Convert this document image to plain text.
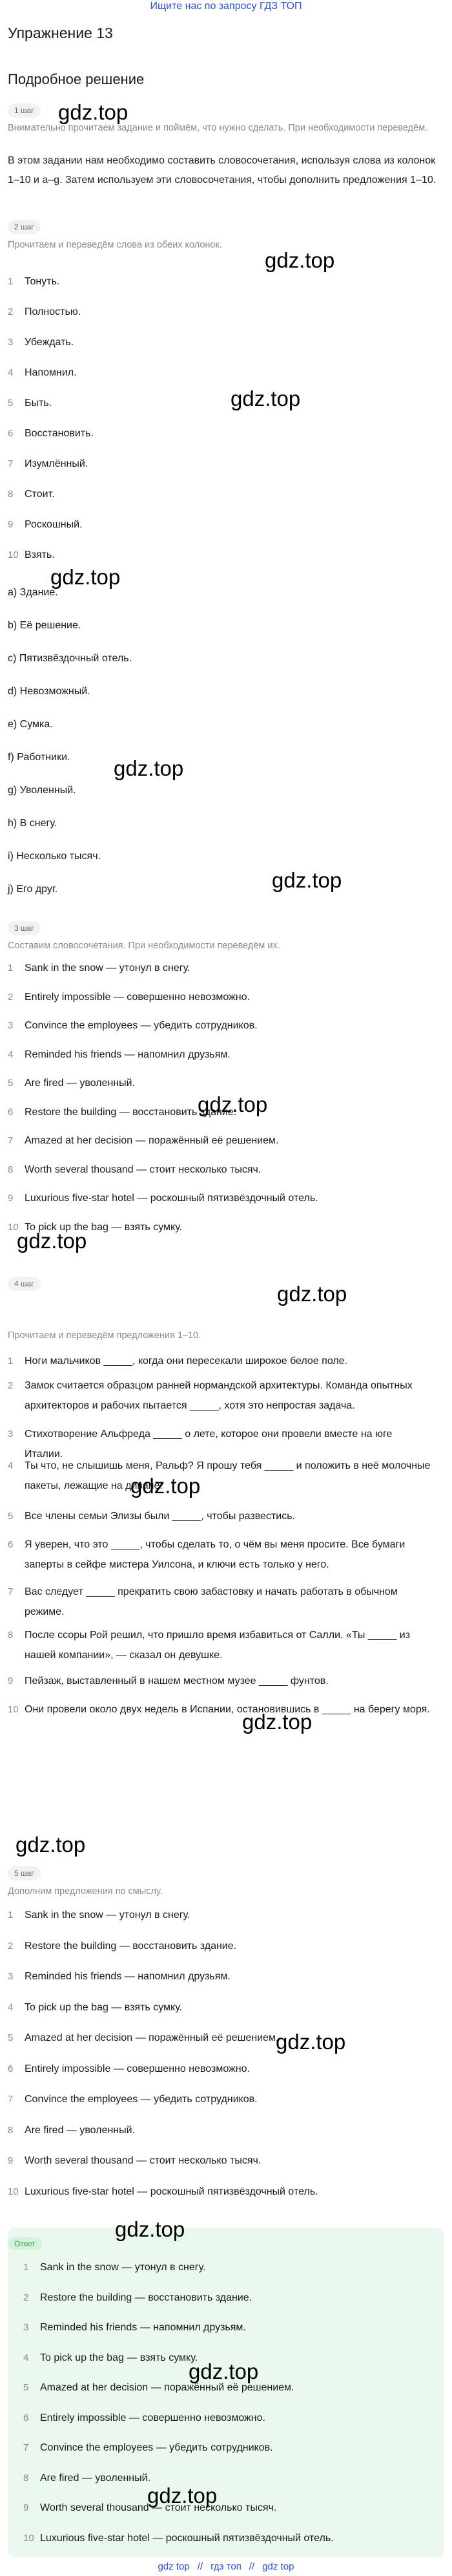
Ищите нас по запросу ГДЗ ТОП
Упражнение 13
Подробное решение
1 шаг
Внимательно прочитаем задание и поймём, что нужно сделать. При необходимости переведём.
В этом задании нам необходимо составить словосочетания, используя слова из колонок 1–10 и a–g. Затем используем эти словосочетания, чтобы дополнить предложения 1–10.
2 шаг
Прочитаем и переведём слова из обеих колонок.
1 Тонуть.
2 Полностью.
3 Убеждать.
4 Напомнил.
5 Быть.
6 Восстановить.
7 Изумлённый.
8 Стоит.
9 Роскошный.
10 Взять.
a) Здание.
b) Её решение.
c) Пятизвёздочный отель.
d) Невозможный.
e) Сумка.
f) Работники.
g) Уволенный.
h) В снегу.
i) Несколько тысяч.
j) Его друг.
3 шаг
Составим словосочетания. При необходимости переведём их.
1 Sank in the snow — утонул в снегу.
2 Entirely impossible — совершенно невозможно.
3 Convince the employees — убедить сотрудников.
4 Reminded his friends — напомнил друзьям.
5 Are fired — уволенный.
6 Restore the building — восстановить здание.
7 Amazed at her decision — поражённый её решением.
8 Worth several thousand — стоит несколько тысяч.
9 Luxurious five-star hotel — роскошный пятизвёздочный отель.
10 To pick up the bag — взять сумку.
4 шаг
Прочитаем и переведём предложения 1–10.
1 Ноги мальчиков _____, когда они пересекали широкое белое поле.
2 Замок считается образцом ранней нормандской архитектуры. Команда опытных архитекторов и рабочих пытается _____, хотя это непростая задача.
3 Стихотворение Альфреда _____ о лете, которое они провели вместе на юге Италии.
4 Ты что, не слышишь меня, Ральф? Я прошу тебя _____ и положить в неё молочные пакеты, лежащие на диване.
5 Все члены семьи Элизы были _____, чтобы развестись.
6 Я уверен, что это _____, чтобы сделать то, о чём вы меня просите. Все бумаги заперты в сейфе мистера Уилсона, и ключи есть только у него.
7 Вас следует _____ прекратить свою забастовку и начать работать в обычном режиме.
8 После ссоры Рой решил, что пришло время избавиться от Салли. «Ты _____ из нашей компании», — сказал он девушке.
9 Пейзаж, выставленный в нашем местном музее _____ фунтов.
10 Они провели около двух недель в Испании, остановившись в _____ на берегу моря.
5 шаг
Дополним предложения по смыслу.
1 Sank in the snow — утонул в снегу.
2 Restore the building — восстановить здание.
3 Reminded his friends — напомнил друзьям.
4 To pick up the bag — взять сумку.
5 Amazed at her decision — поражённый её решением.
6 Entirely impossible — совершенно невозможно.
7 Convince the employees — убедить сотрудников.
8 Are fired — уволенный.
9 Worth several thousand — стоит несколько тысяч.
10 Luxurious five-star hotel — роскошный пятизвёздочный отель.
1 Sank in the snow — утонул в снегу.
2 Restore the building — восстановить здание.
3 Reminded his friends — напомнил друзьям.
4 To pick up the bag — взять сумку.
5 Amazed at her decision — поражённый её решением.
6 Entirely impossible — совершенно невозможно.
7 Convince the employees — убедить сотрудников.
8 Are fired — уволенный.
9 Worth several thousand — стоит несколько тысяч.
10 Luxurious five-star hotel — роскошный пятизвёздочный отель.
Ответ
gdz.top
gdz.top
gdz.top
gdz.top
gdz.top
gdz.top
gdz.top
gdz.top
gdz.top
gdz.top
gdz.top
gdz.top
gdz.top
gdz.top
gdz.top
gdz.top
gdz top // гдз топ // gdz top
